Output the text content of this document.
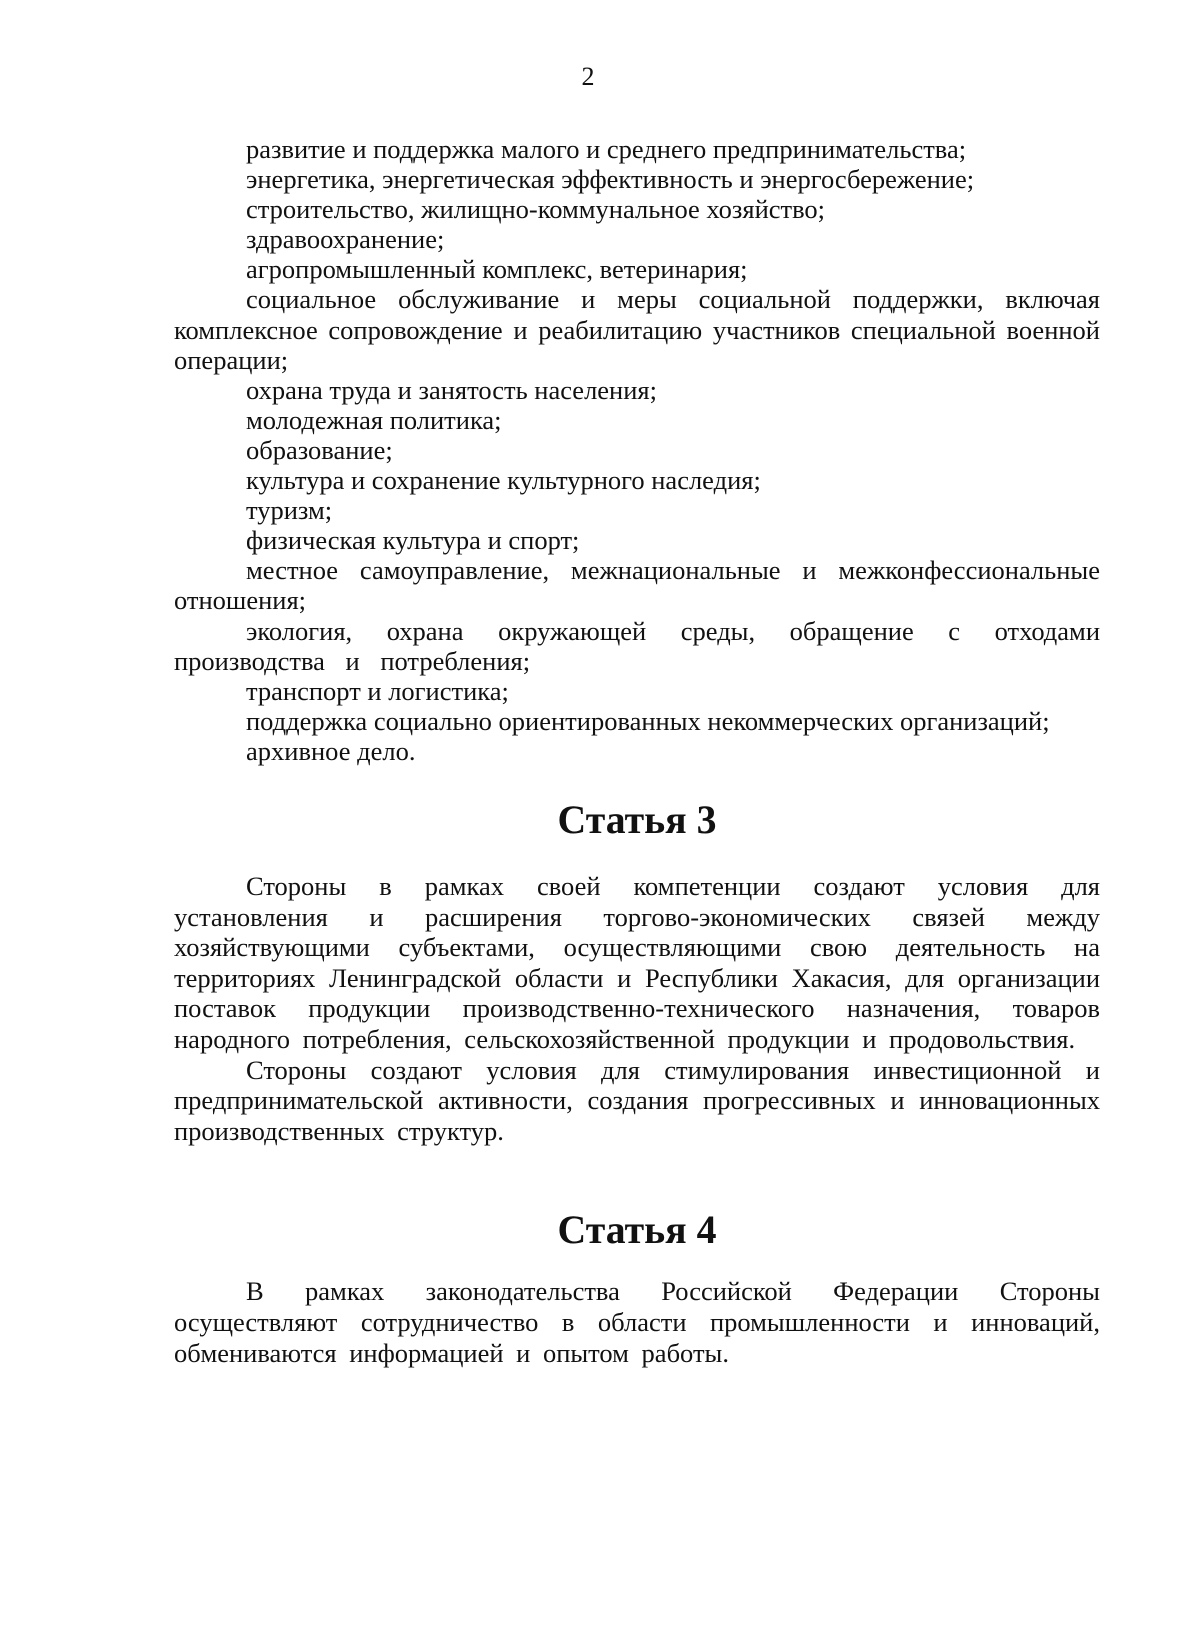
2

развитие и поддержка малого и среднего предпринимательства;

энергетика, энергетическая эффективность и энергосбережение;

строительство, жилищно-коммунальное хозяйство;

здравоохранение;

агропромышленный комплекс, ветеринария;

социальное обслуживание и меры социальной поддержки, включая комплексное сопровождение и реабилитацию участников специальной военной операции;

охрана труда и занятость населения;

молодежная политика;

образование;

культура и сохранение культурного наследия;

туризм;

физическая культура и спорт;

местное самоуправление, межнациональные и межконфессиональные отношения;

экология, охрана окружающей среды, обращение с отходами производства и потребления;

транспорт и логистика;

поддержка социально ориентированных некоммерческих организаций;

архивное дело.

Статья 3

Стороны в рамках своей компетенции создают условия для установления и расширения торгово-экономических связей между хозяйствующими субъектами, осуществляющими свою деятельность на территориях Ленинградской области и Республики Хакасия, для организации поставок продукции производственно-технического назначения, товаров народного потребления, сельскохозяйственной продукции и продовольствия.

Стороны создают условия для стимулирования инвестиционной и предпринимательской активности, создания прогрессивных и инновационных производственных структур.

Статья 4

В рамках законодательства Российской Федерации Стороны осуществляют сотрудничество в области промышленности и инноваций, обмениваются информацией и опытом работы.
